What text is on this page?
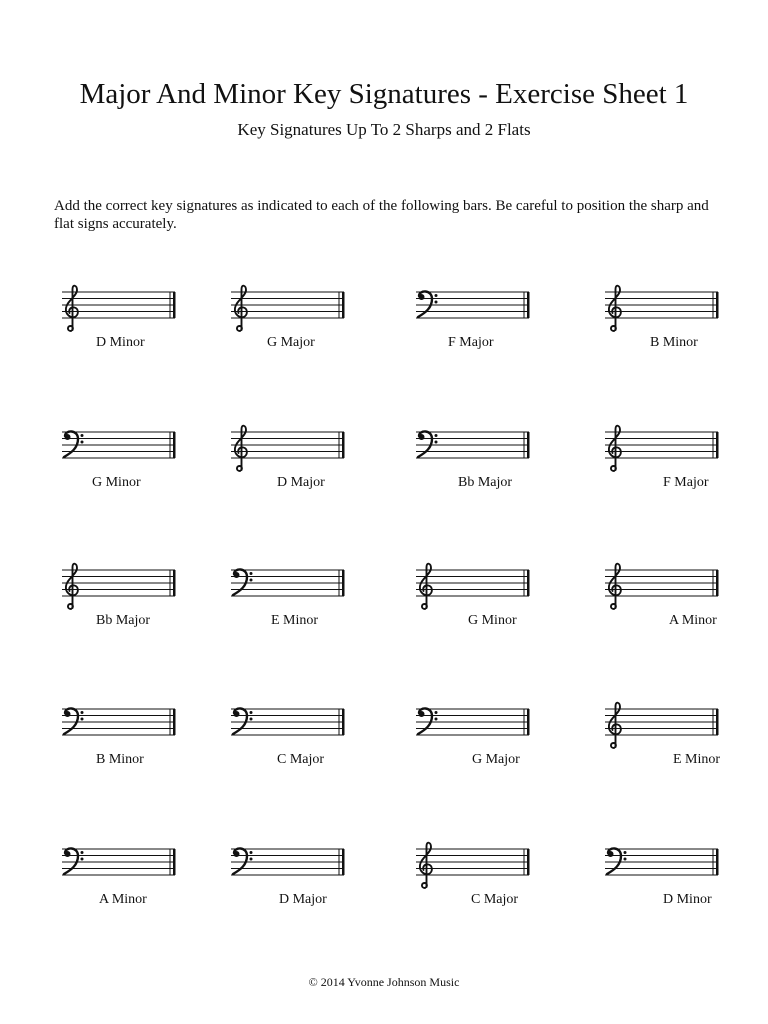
Major And Minor Key Signatures - Exercise Sheet 1
Key Signatures Up To 2 Sharps and 2 Flats

Add the correct key signatures as indicated to each of the following bars. Be careful to position the sharp and flat signs accurately.

D Minor	G Major	F Major	B Minor
G Minor	D Major	Bb Major	F Major
Bb Major	E Minor	G Minor	A Minor
B Minor	C Major	G Major	E Minor
A Minor	D Major	C Major	D Minor
© 2014 Yvonne Johnson Music
